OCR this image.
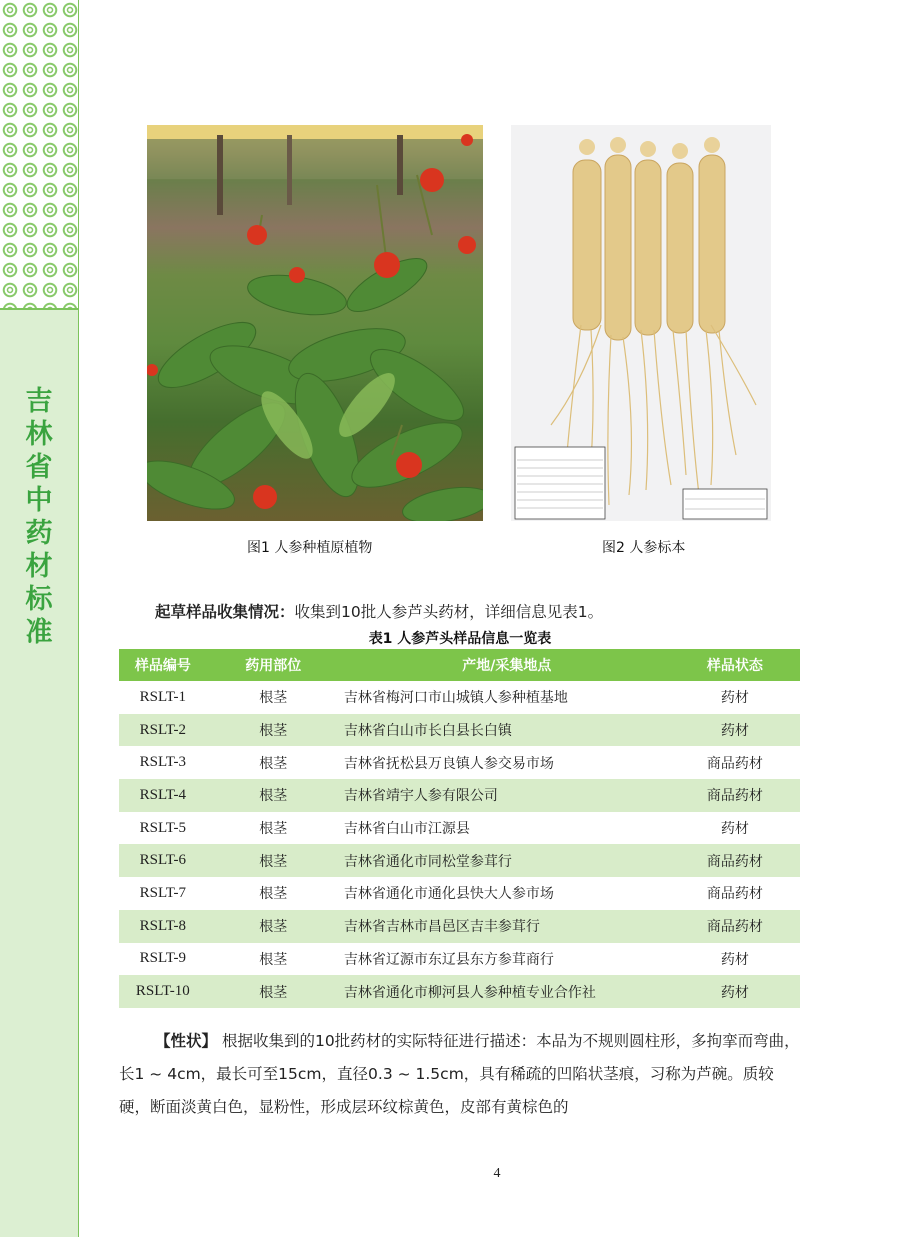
吉
林
省
中
药
材
标
准
图1 人参种植原植物	图2 人参标本
起草样品收集情况：收集到10批人参芦头药材，详细信息见表1。
表1 人参芦头样品信息一览表
样品编号	药用部位	产地/采集地点	样品状态
RSLT-1	根茎	吉林省梅河口市山城镇人参种植基地	药材
RSLT-2	根茎	吉林省白山市长白县长白镇	药材
RSLT-3	根茎	吉林省抚松县万良镇人参交易市场	商品药材
RSLT-4	根茎	吉林省靖宇人参有限公司	商品药材
RSLT-5	根茎	吉林省白山市江源县	药材
RSLT-6	根茎	吉林省通化市同松堂参茸行	商品药材
RSLT-7	根茎	吉林省通化市通化县快大人参市场	商品药材
RSLT-8	根茎	吉林省吉林市昌邑区吉丰参茸行	商品药材
RSLT-9	根茎	吉林省辽源市东辽县东方参茸商行	药材
RSLT-10	根茎	吉林省通化市柳河县人参种植专业合作社	药材
【性状】 根据收集到的10批药材的实际特征进行描述：本品为不规则圆柱形，多拘挛而弯曲，长1 ~ 4cm，最长可至15cm，直径0.3 ~ 1.5cm，具有稀疏的凹陷状茎痕，习称为芦碗。质较硬，断面淡黄白色，显粉性，形成层环纹棕黄色，皮部有黄棕色的
4
